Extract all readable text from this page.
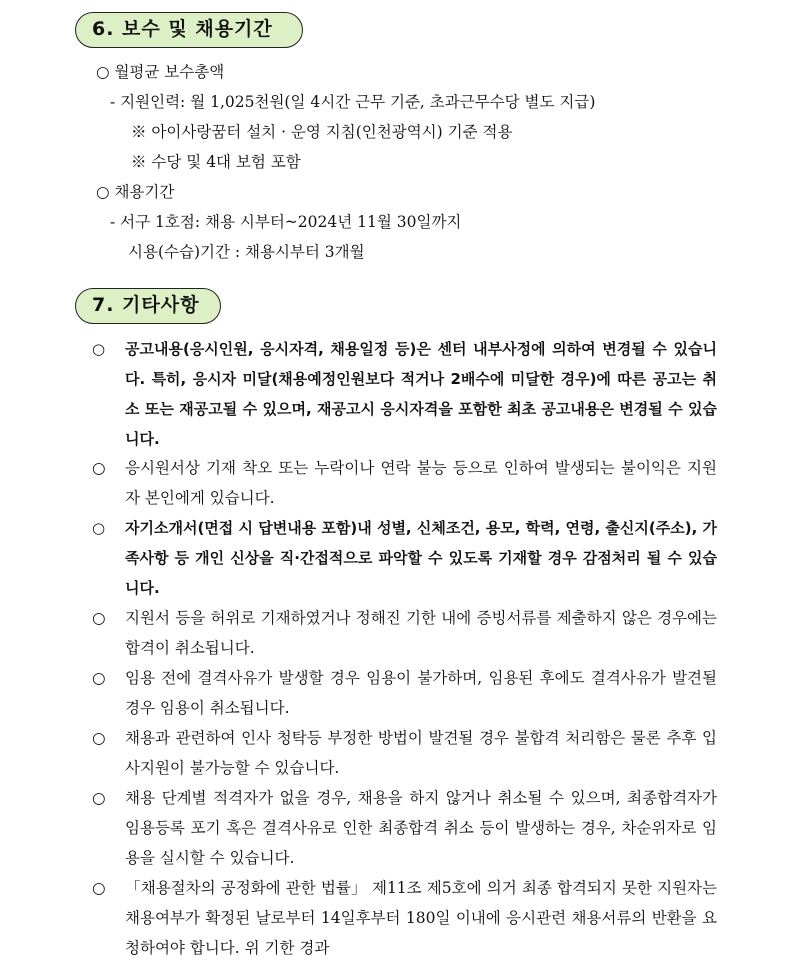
6. 보수 및 채용기간
○ 월평균 보수총액
- 지원인력: 월 1,025천원(일 4시간 근무 기준, 초과근무수당 별도 지급)
※ 아이사랑꿈터 설치 · 운영 지침(인천광역시) 기준 적용
※ 수당 및 4대 보험 포함
○ 채용기간
- 서구 1호점: 채용 시부터~2024년 11월 30일까지
시용(수습)기간 : 채용시부터 3개월
7. 기타사항
○	공고내용(응시인원, 응시자격, 채용일정 등)은 센터 내부사정에 의하여 변경될 수 있습니다. 특히, 응시자 미달(채용예정인원보다 적거나 2배수에 미달한 경우)에 따른 공고는 취소 또는 재공고될 수 있으며, 재공고시 응시자격을 포함한 최초 공고내용은 변경될 수 있습니다.
○	응시원서상 기재 착오 또는 누락이나 연락 불능 등으로 인하여 발생되는 불이익은 지원자 본인에게 있습니다.
○	자기소개서(면접 시 답변내용 포함)내 성별, 신체조건, 용모, 학력, 연령, 출신지(주소), 가족사항 등 개인 신상을 직·간접적으로 파악할 수 있도록 기재할 경우 감점처리 될 수 있습니다.
○	지원서 등을 허위로 기재하였거나 정해진 기한 내에 증빙서류를 제출하지 않은 경우에는 합격이 취소됩니다.
○	임용 전에 결격사유가 발생할 경우 임용이 불가하며, 임용된 후에도 결격사유가 발견될 경우 임용이 취소됩니다.
○	채용과 관련하여 인사 청탁등 부정한 방법이 발견될 경우 불합격 처리함은 물론 추후 입사지원이 불가능할 수 있습니다.
○	채용 단계별 적격자가 없을 경우, 채용을 하지 않거나 취소될 수 있으며, 최종합격자가 임용등록 포기 혹은 결격사유로 인한 최종합격 취소 등이 발생하는 경우, 차순위자로 임용을 실시할 수 있습니다.
○	「채용절차의 공정화에 관한 법률」 제11조 제5호에 의거 최종 합격되지 못한 지원자는 채용여부가 확정된 날로부터 14일후부터 180일 이내에 응시관련 채용서류의 반환을 요청하여야 합니다. 위 기한 경과
